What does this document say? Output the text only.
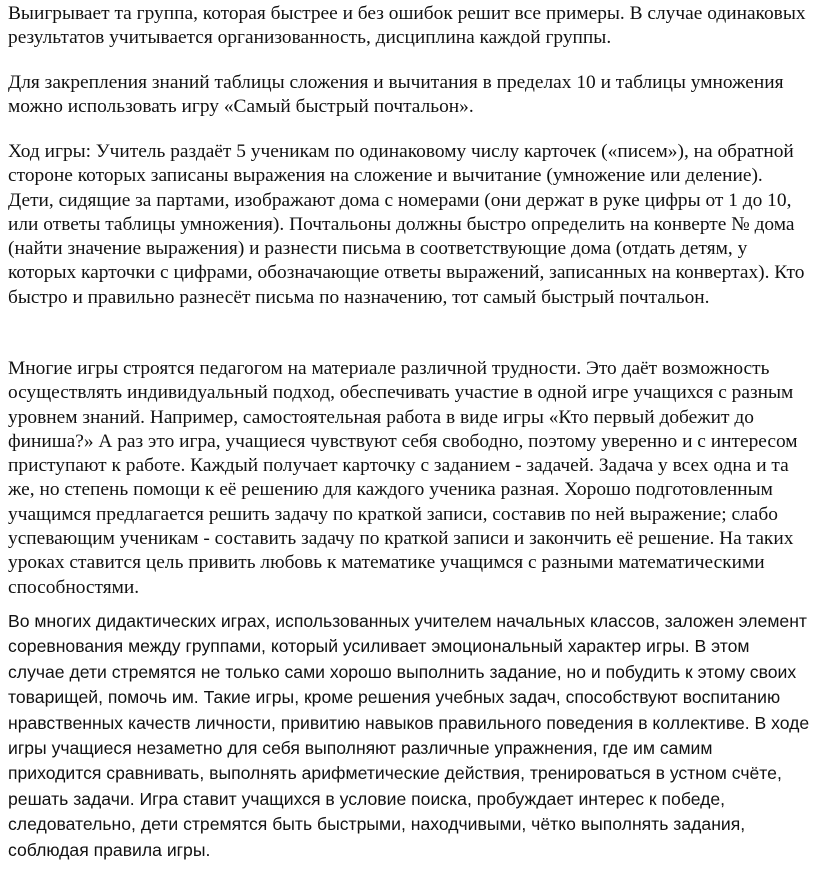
Выигрывает та группа, которая быстрее и без ошибок решит все примеры. В случае одинаковых результатов учитывается организованность, дисциплина каждой группы.

Для закрепления знаний таблицы сложения и вычитания в пределах 10 и таблицы умножения можно использовать игру «Самый быстрый почтальон».

Ход игры: Учитель раздаёт 5 ученикам по одинаковому числу карточек («писем»), на обратной стороне которых записаны выражения на сложение и вычитание (умножение или деление). Дети, сидящие за партами, изображают дома с номерами (они держат в руке цифры от 1 до 10, или ответы таблицы умножения). Почтальоны должны быстро определить на конверте № дома (найти значение выражения) и разнести письма в соответствующие дома (отдать детям, у которых карточки с цифрами, обозначающие ответы выражений, записанных на конвертах). Кто быстро и правильно разнесёт письма по назначению, тот самый быстрый почтальон.

Многие игры строятся педагогом на материале различной трудности. Это даёт возможность осуществлять индивидуальный подход, обеспечивать участие в одной игре учащихся с разным уровнем знаний. Например, самостоятельная работа в виде игры «Кто первый добежит до финиша?» А раз это игра, учащиеся чувствуют себя свободно, поэтому уверенно и с интересом приступают к работе. Каждый получает карточку с заданием - задачей. Задача у всех одна и та же, но степень помощи к её решению для каждого ученика разная. Хорошо подготовленным учащимся предлагается решить задачу по краткой записи, составив по ней выражение; слабо успевающим ученикам - составить задачу по краткой записи и закончить её решение. На таких уроках ставится цель привить любовь к математике учащимся с разными математическими способностями.

Во многих дидактических играх, использованных учителем начальных классов, заложен элемент соревнования между группами, который усиливает эмоциональный характер игры. В этом случае дети стремятся не только сами хорошо выполнить задание, но и побудить к этому своих товарищей, помочь им. Такие игры, кроме решения учебных задач, способствуют воспитанию нравственных качеств личности, привитию навыков правильного поведения в коллективе. В ходе игры учащиеся незаметно для себя выполняют различные упражнения, где им самим приходится сравнивать, выполнять арифметические действия, тренироваться в устном счёте, решать задачи. Игра ставит учащихся в условие поиска, пробуждает интерес к победе, следовательно, дети стремятся быть быстрыми, находчивыми, чётко выполнять задания, соблюдая правила игры.
